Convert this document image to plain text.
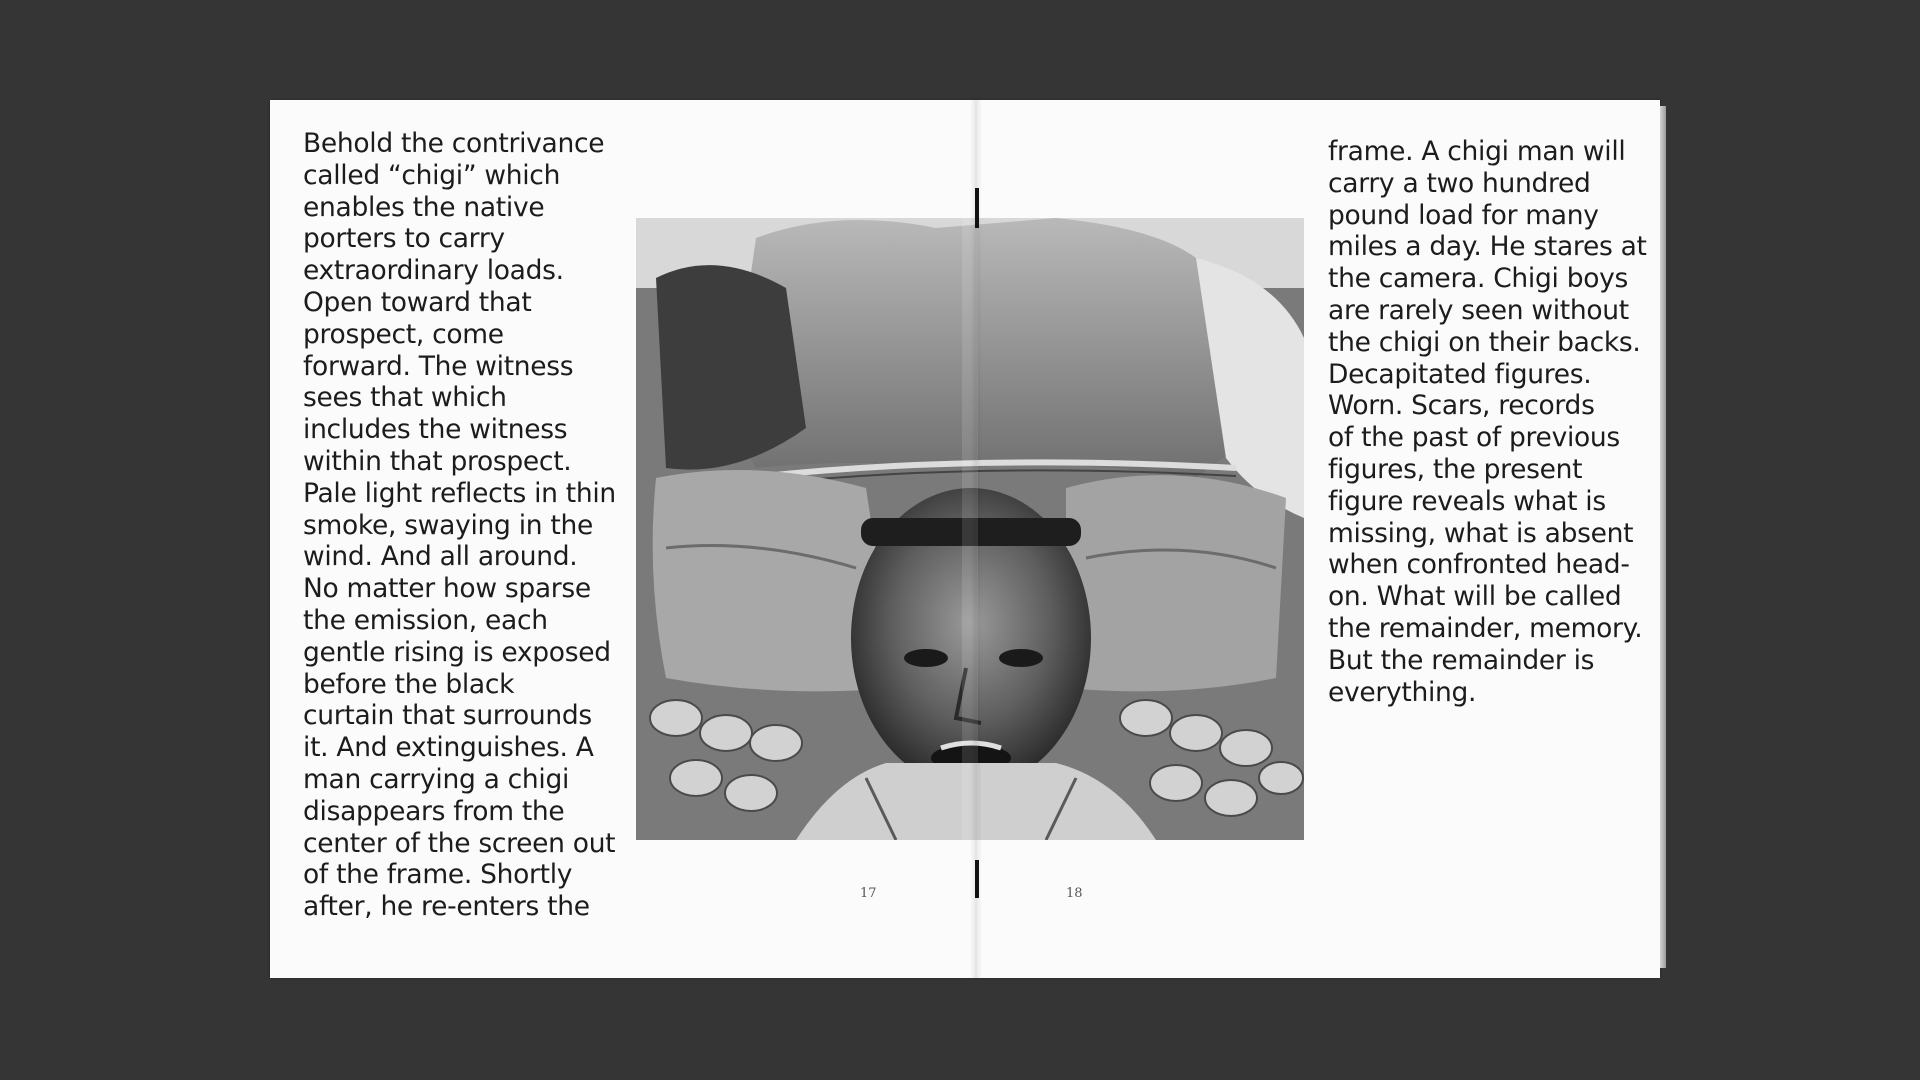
Behold the contrivance
called “chigi” which
enables the native
porters to carry
extraordinary loads.
Open toward that
prospect, come
forward. The witness
sees that which
includes the witness
within that prospect.
Pale light reflects in thin
smoke, swaying in the
wind. And all around.
No matter how sparse
the emission, each
gentle rising is exposed
before the black
curtain that surrounds
it. And extinguishes. A
man carrying a chigi
disappears from the
center of the screen out
of the frame. Shortly
after, he re-enters the
frame. A chigi man will
carry a two hundred
pound load for many
miles a day. He stares at
the camera. Chigi boys
are rarely seen without
the chigi on their backs.
Decapitated figures.
Worn. Scars, records
of the past of previous
figures, the present
figure reveals what is
missing, what is absent
when confronted head-
on. What will be called
the remainder, memory.
But the remainder is
everything.
17	18
